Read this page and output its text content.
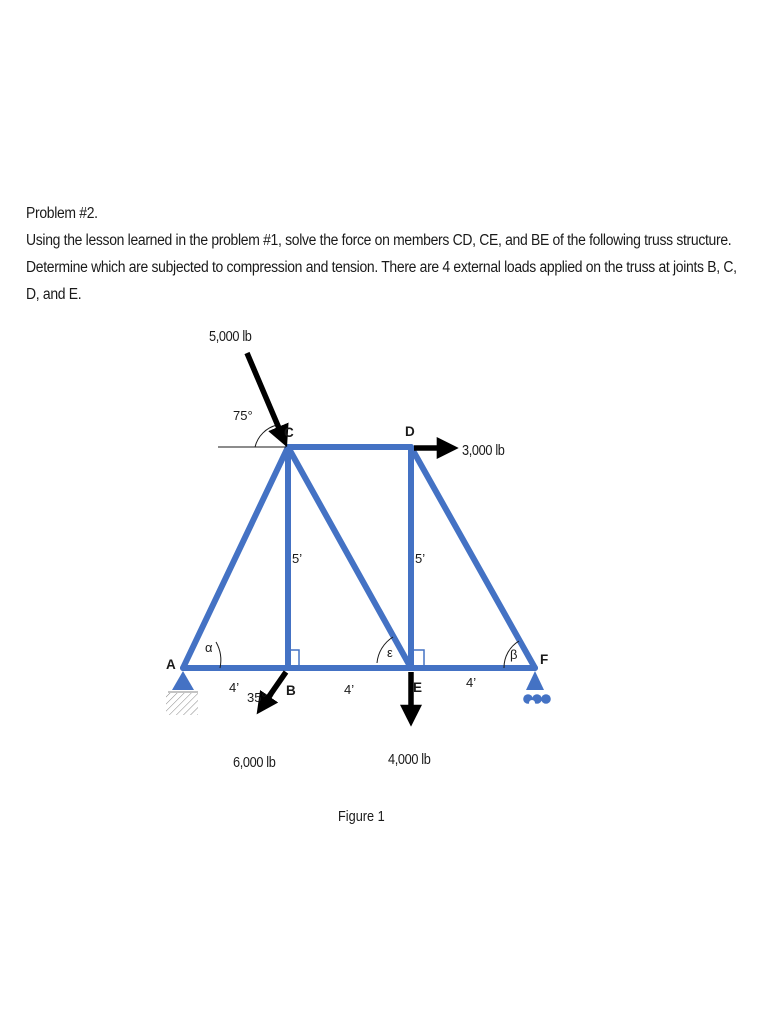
Problem #2.

Using the lesson learned in the problem #1, solve the force on members CD, CE, and BE of the following truss structure.

Determine which are subjected to compression and tension. There are 4 external loads applied on the truss at joints B, C,

D, and E.

A
B
C	D
E
F
5,000 lb
3,000 lb
6,000 lb	4,000 lb
75°
35°
α	ε	β
4’	4’	4’
5’	5’
Figure 1
